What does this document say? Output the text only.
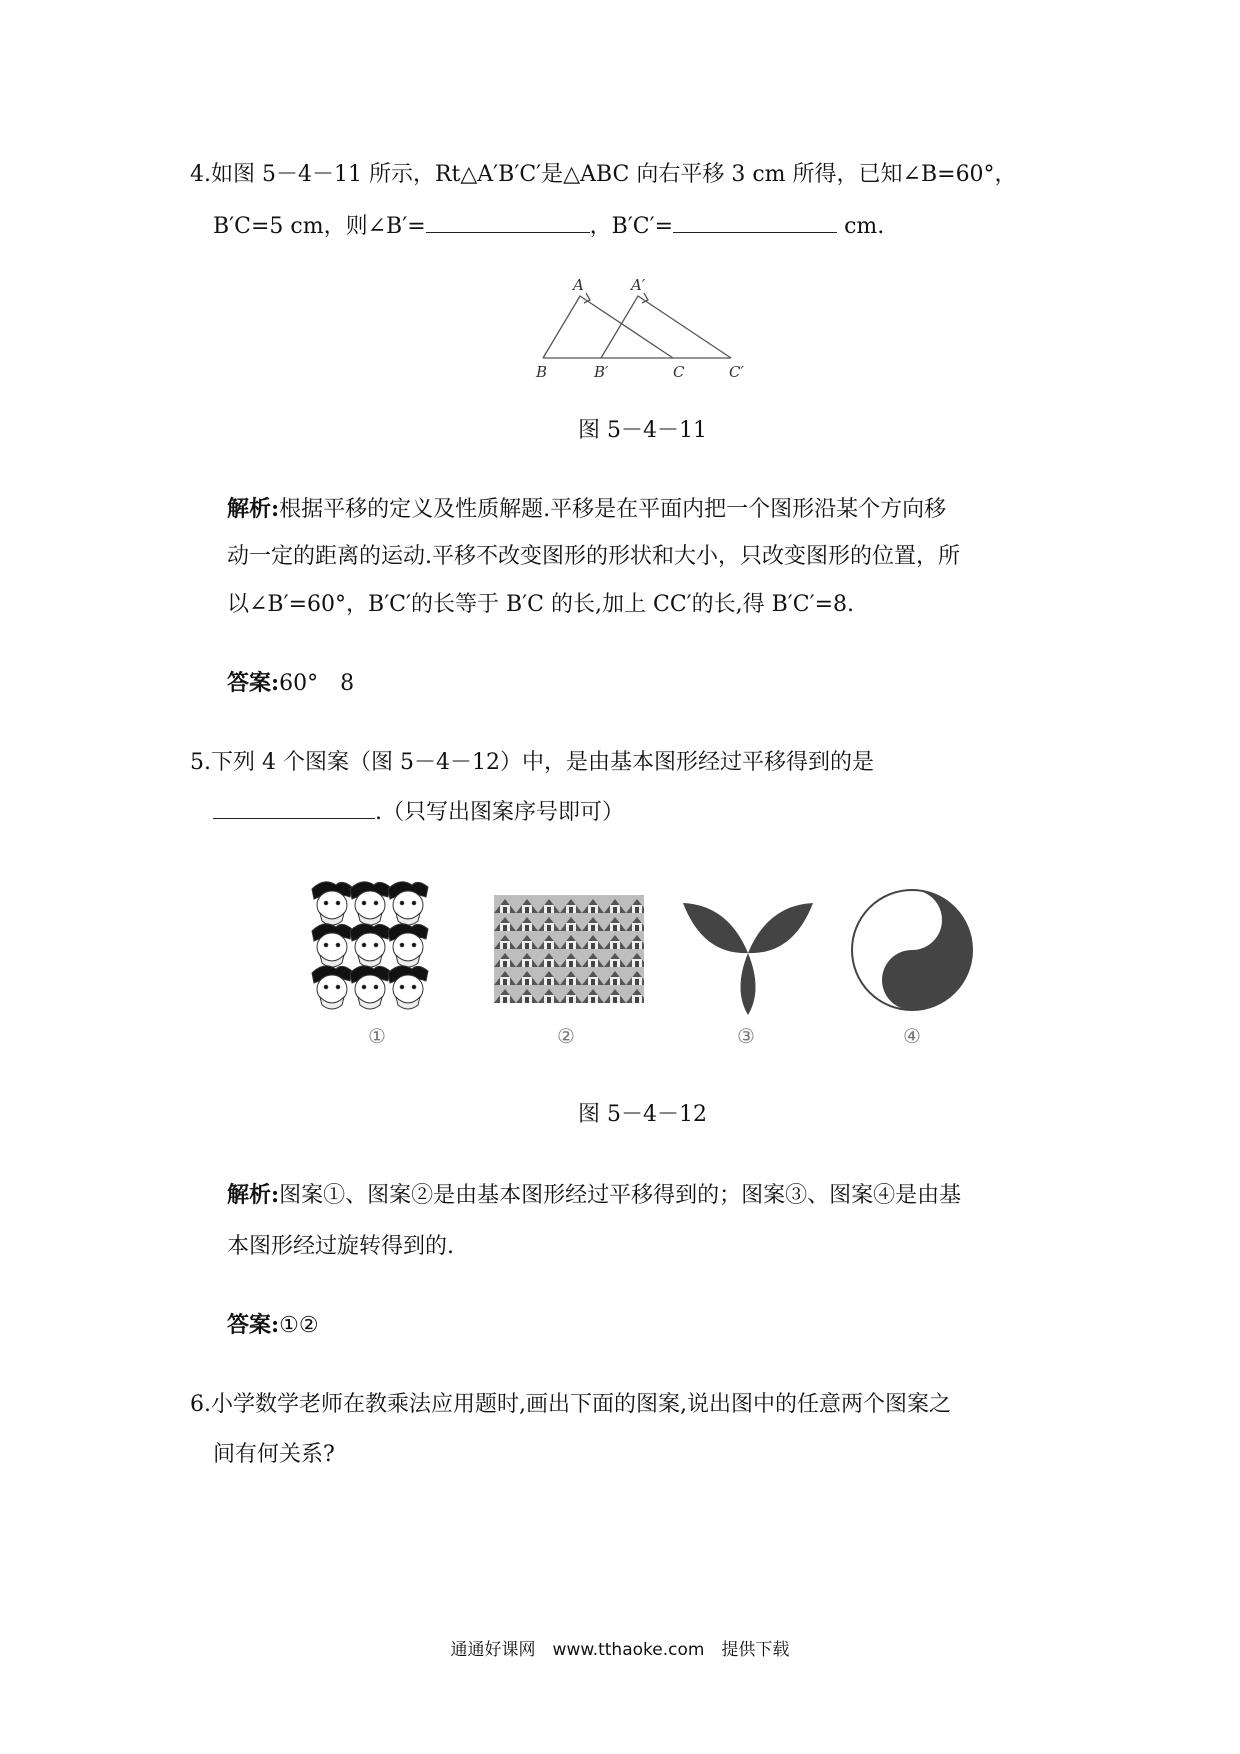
4.如图 5－4－11 所示，Rt△A′B′C′是△ABC 向右平移 3 cm 所得，已知∠B=60°，
B′C=5 cm，则∠B′=	，B′C′=	cm.
A	A′
B	B′	C	C′
图 5－4－11
解析:根据平移的定义及性质解题.平移是在平面内把一个图形沿某个方向移
动一定的距离的运动.平移不改变图形的形状和大小，只改变图形的位置，所
以∠B′=60°，B′C′的长等于 B′C 的长,加上 CC′的长,得 B′C′=8.
答案:60°　8
5.下列 4 个图案（图 5－4－12）中，是由基本图形经过平移得到的是
.（只写出图案序号即可）
①	②	③	④
图 5－4－12
解析:图案①、图案②是由基本图形经过平移得到的；图案③、图案④是由基
本图形经过旋转得到的.
答案:①②
6.小学数学老师在教乘法应用题时,画出下面的图案,说出图中的任意两个图案之
间有何关系?
通通好课网　www.tthaoke.com　提供下载
